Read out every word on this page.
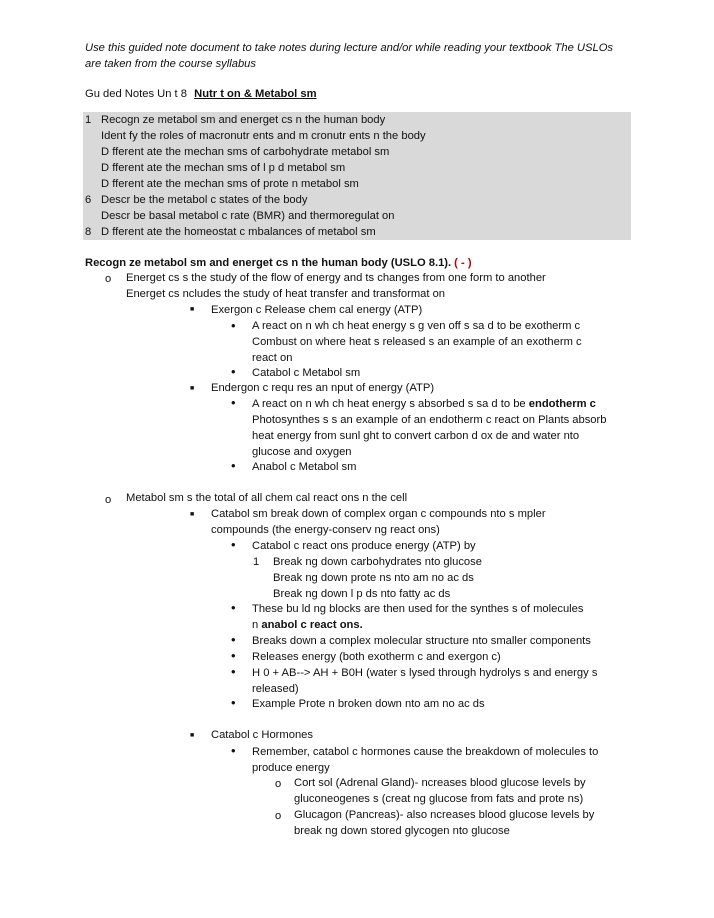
Use this guided note document to take notes during lecture and/or while reading your textbook The USLOs
are taken from the course syllabus
Gu ded Notes Un t 8 Nutr t on & Metabol sm
1 Recogn ze metabol sm and energet cs n the human body
Ident fy the roles of macronutr ents and m cronutr ents n the body
D fferent ate the mechan sms of carbohydrate metabol sm
D fferent ate the mechan sms of l p d metabol sm
D fferent ate the mechan sms of prote n metabol sm
6 Descr be the metabol c states of the body
Descr be basal metabol c rate (BMR) and thermoregulat on
8 D fferent ate the homeostat c mbalances of metabol sm
Recogn ze metabol sm and energet cs n the human body (USLO 8.1). ( - )
o Energet cs s the study of the flow of energy and ts changes from one form to another
Energet cs ncludes the study of heat transfer and transformat on
■ Exergon c Release chem cal energy (ATP)
• A react on n wh ch heat energy s g ven off s sa d to be exotherm c
Combust on where heat s released s an example of an exotherm c
react on
• Catabol c Metabol sm
■ Endergon c requ res an nput of energy (ATP)
• A react on n wh ch heat energy s absorbed s sa d to be endotherm c
Photosynthes s s an example of an endotherm c react on Plants absorb
heat energy from sunl ght to convert carbon d ox de and water nto
glucose and oxygen
• Anabol c Metabol sm
o Metabol sm s the total of all chem cal react ons n the cell
■ Catabol sm break down of complex organ c compounds nto s mpler
compounds (the energy-conserv ng react ons)
• Catabol c react ons produce energy (ATP) by
1 Break ng down carbohydrates nto glucose
Break ng down prote ns nto am no ac ds
Break ng down l p ds nto fatty ac ds
• These bu ld ng blocks are then used for the synthes s of molecules
n anabol c react ons.
• Breaks down a complex molecular structure nto smaller components
• Releases energy (both exotherm c and exergon c)
• H 0 + AB--> AH + B0H (water s lysed through hydrolys s and energy s
released)
• Example Prote n broken down nto am no ac ds
■ Catabol c Hormones
• Remember, catabol c hormones cause the breakdown of molecules to
produce energy
o Cort sol (Adrenal Gland)- ncreases blood glucose levels by
gluconeogenes s (creat ng glucose from fats and prote ns)
o Glucagon (Pancreas)- also ncreases blood glucose levels by
break ng down stored glycogen nto glucose
